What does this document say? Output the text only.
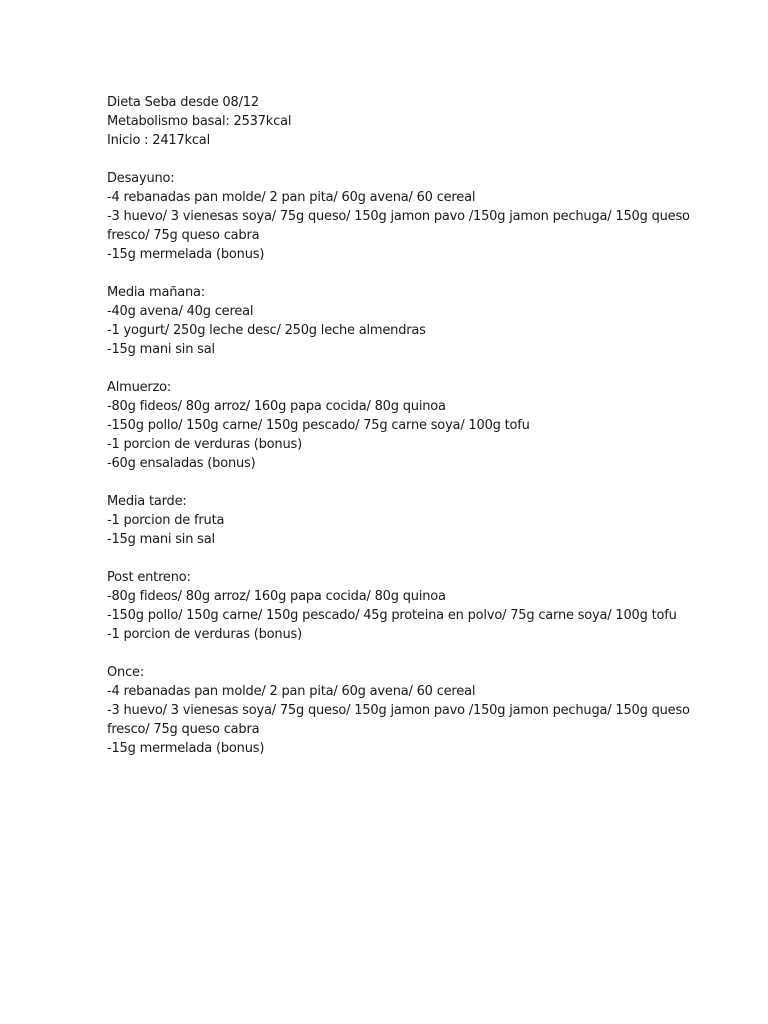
Dieta Seba desde 08/12
Metabolismo basal: 2537kcal
Inicio : 2417kcal
Desayuno:
-4 rebanadas pan molde/ 2 pan pita/ 60g avena/ 60 cereal
-3 huevo/ 3 vienesas soya/ 75g queso/ 150g jamon pavo /150g jamon pechuga/ 150g queso fresco/ 75g queso cabra
-15g mermelada (bonus)
Media mañana:
-40g avena/ 40g cereal
-1 yogurt/ 250g leche desc/ 250g leche almendras
-15g mani sin sal
Almuerzo:
-80g fideos/ 80g arroz/ 160g papa cocida/ 80g quinoa
-150g pollo/ 150g carne/ 150g pescado/ 75g carne soya/ 100g tofu
-1 porcion de verduras (bonus)
-60g ensaladas (bonus)
Media tarde:
-1 porcion de fruta
-15g mani sin sal
Post entreno:
-80g fideos/ 80g arroz/ 160g papa cocida/ 80g quinoa
-150g pollo/ 150g carne/ 150g pescado/ 45g proteina en polvo/ 75g carne soya/ 100g tofu
-1 porcion de verduras (bonus)
Once:
-4 rebanadas pan molde/ 2 pan pita/ 60g avena/ 60 cereal
-3 huevo/ 3 vienesas soya/ 75g queso/ 150g jamon pavo /150g jamon pechuga/ 150g queso fresco/ 75g queso cabra
-15g mermelada (bonus)
